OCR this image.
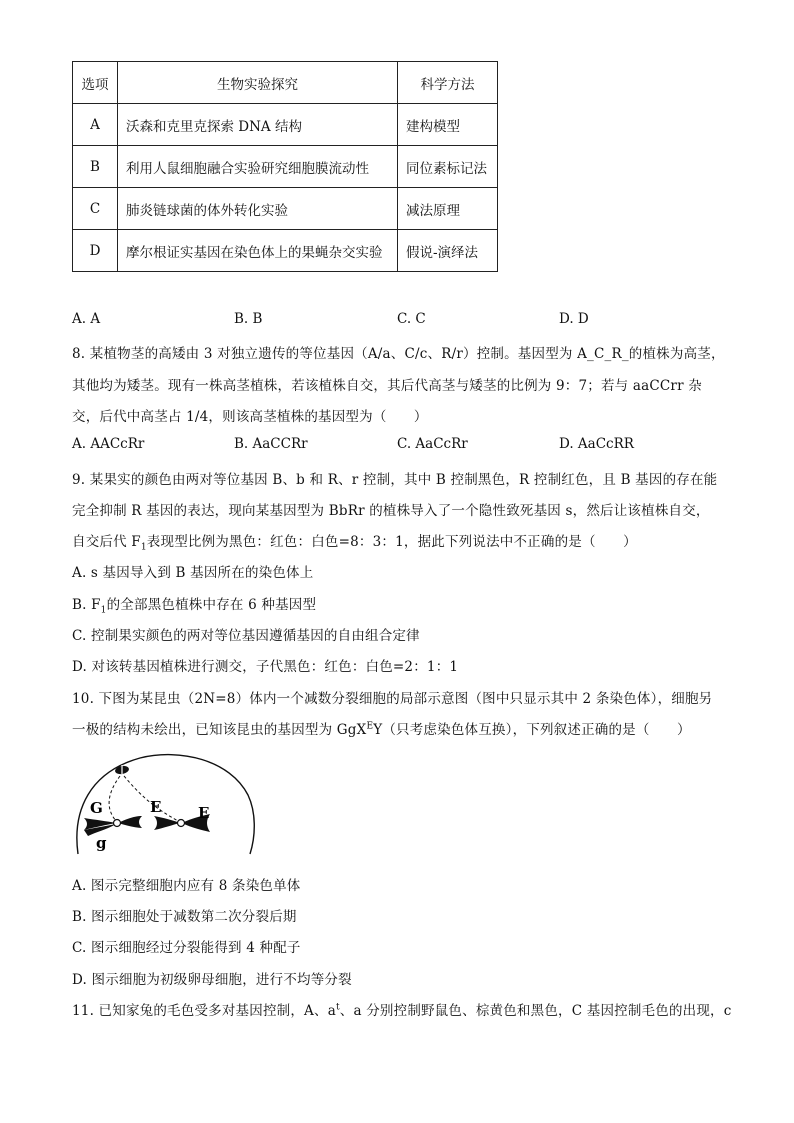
选项	生物实验探究	科学方法
A	沃森和克里克探索 DNA 结构	建构模型
B	利用人鼠细胞融合实验研究细胞膜流动性	同位素标记法
C	肺炎链球菌的体外转化实验	减法原理
D	摩尔根证实基因在染色体上的果蝇杂交实验	假说-演绎法
A. A	B. B	C. C	D. D
8. 某植物茎的高矮由 3 对独立遗传的等位基因（A/a、C/c、R/r）控制。基因型为 A_C_R_的植株为高茎，
其他均为矮茎。现有一株高茎植株，若该植株自交，其后代高茎与矮茎的比例为 9：7；若与 aaCCrr 杂
交，后代中高茎占 1/4，则该高茎植株的基因型为（　　）
A. AACcRr	B. AaCCRr	C. AaCcRr	D. AaCcRR
9. 某果实的颜色由两对等位基因 B、b 和 R、r 控制，其中 B 控制黑色，R 控制红色，且 B 基因的存在能
完全抑制 R 基因的表达，现向某基因型为 BbRr 的植株导入了一个隐性致死基因 s，然后让该植株自交，
自交后代 $F_1$表现型比例为黑色：红色：白色=8：3：1，据此下列说法中不正确的是（　　）
A. s 基因导入到 B 基因所在的染色体上
B. $F_1$的全部黑色植株中存在 6 种基因型
C. 控制果实颜色的两对等位基因遵循基因的自由组合定律
D. 对该转基因植株进行测交，子代黑色：红色：白色=2：1：1
10. 下图为某昆虫（2N=8）体内一个减数分裂细胞的局部示意图（图中只显示其中 2 条染色体），细胞另
一极的结构未绘出，已知该昆虫的基因型为 GgX$^E$Y（只考虑染色体互换），下列叙述正确的是（　　）
G
g
E E
A. 图示完整细胞内应有 8 条染色单体
B. 图示细胞处于减数第二次分裂后期
C. 图示细胞经过分裂能得到 4 种配子
D. 图示细胞为初级卵母细胞，进行不均等分裂
11. 已知家兔的毛色受多对基因控制，A、$a^t$、a 分别控制野鼠色、棕黄色和黑色，C 基因控制毛色的出现，c
